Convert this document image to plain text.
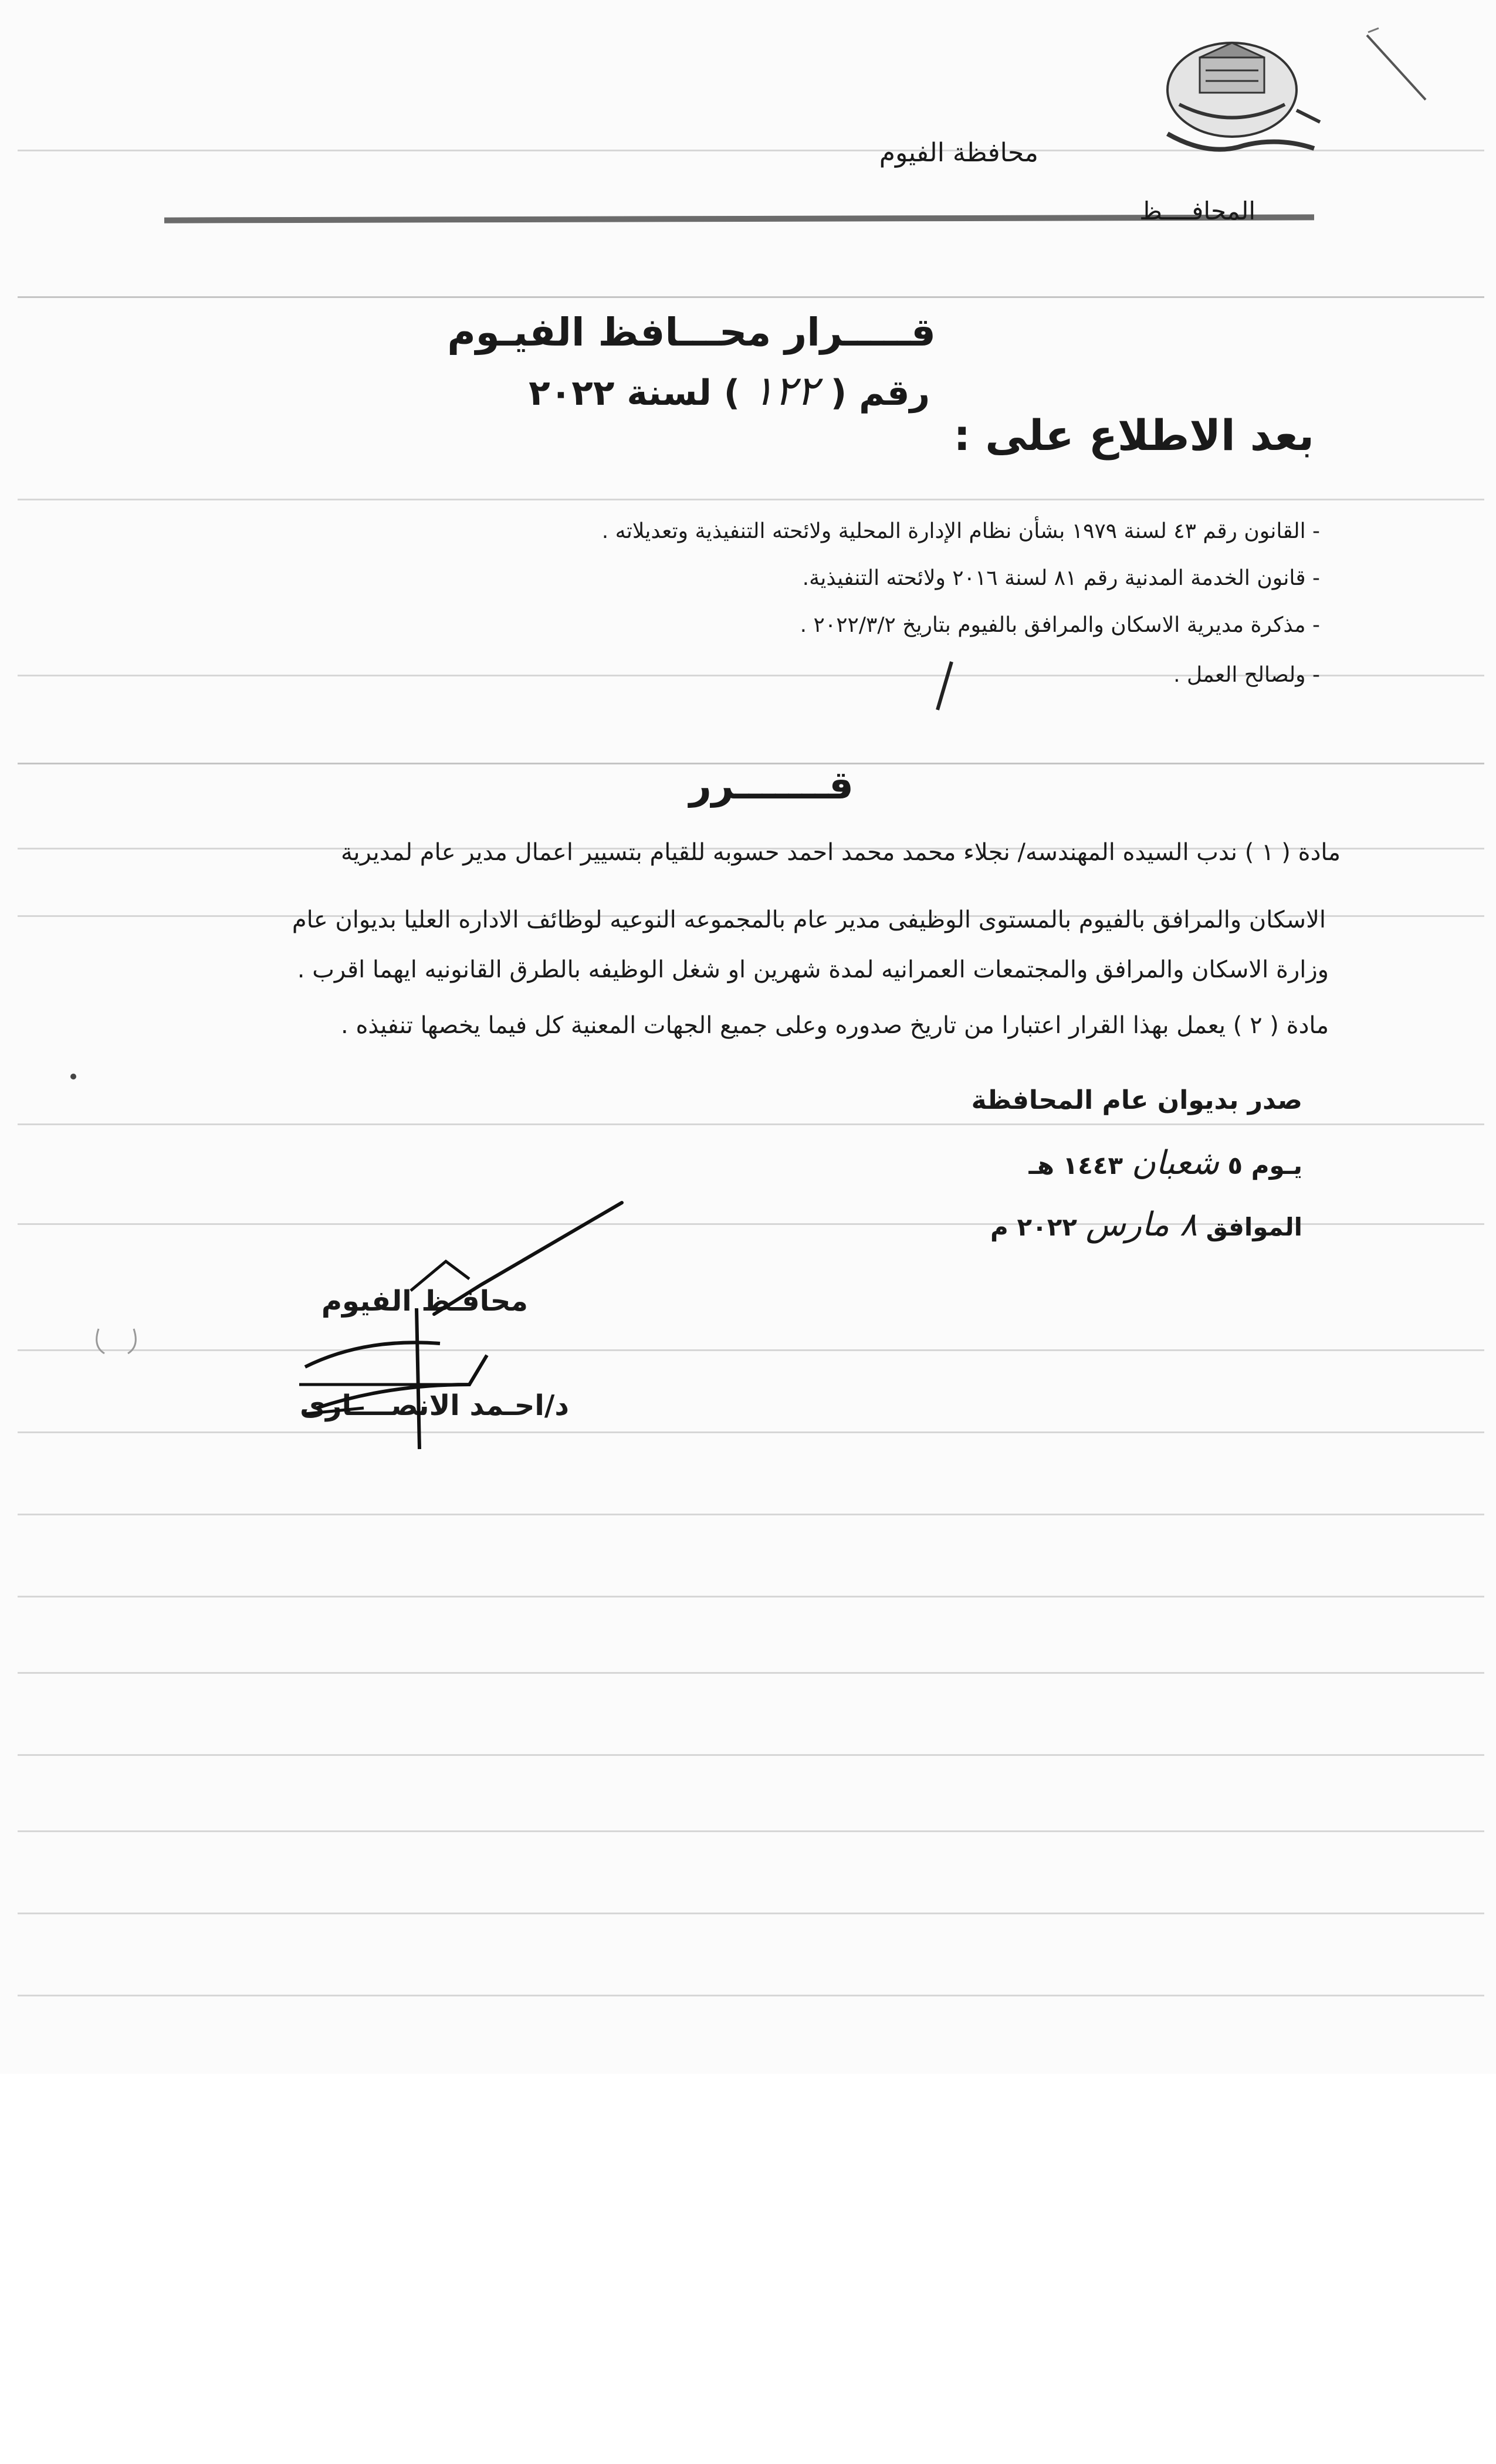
محافظة الفيوم
المحافــــظ
قـــــرار محـــافظ الفيـوم
رقم ( ١٢٢ ) لسنة ٢٠٢٢
بعد الاطلاع على :
- القانون رقم ٤٣ لسنة ١٩٧٩ بشأن نظام الإدارة المحلية ولائحته التنفيذية وتعديلاته .
- قانون الخدمة المدنية رقم ٨١ لسنة ٢٠١٦ ولائحته التنفيذية.
- مذكرة مديرية الاسكان والمرافق بالفيوم بتاريخ ٢٠٢٢/٣/٢ .
- ولصالح العمل .
قـــــــرر
مادة ( ١ ) ندب السيده المهندسه/ نجلاء محمد محمد احمد حسوبه للقيام بتسيير اعمال مدير عام لمديرية
الاسكان والمرافق بالفيوم بالمستوى الوظيفى مدير عام بالمجموعه النوعيه لوظائف الاداره العليا بديوان عام
وزارة الاسكان والمرافق والمجتمعات العمرانيه لمدة شهرين او شغل الوظيفه بالطرق القانونيه ايهما اقرب .
مادة ( ٢ ) يعمل بهذا القرار اعتبارا من تاريخ صدوره وعلى جميع الجهات المعنية كل فيما يخصها تنفيذه .
صدر بديوان عام المحافظة
يـوم ٥ شعبان ١٤٤٣ هـ
الموافق ٨ مارس ٢٠٢٢ م
محافـظ الفيوم
د/احـمد الانصــــارى
